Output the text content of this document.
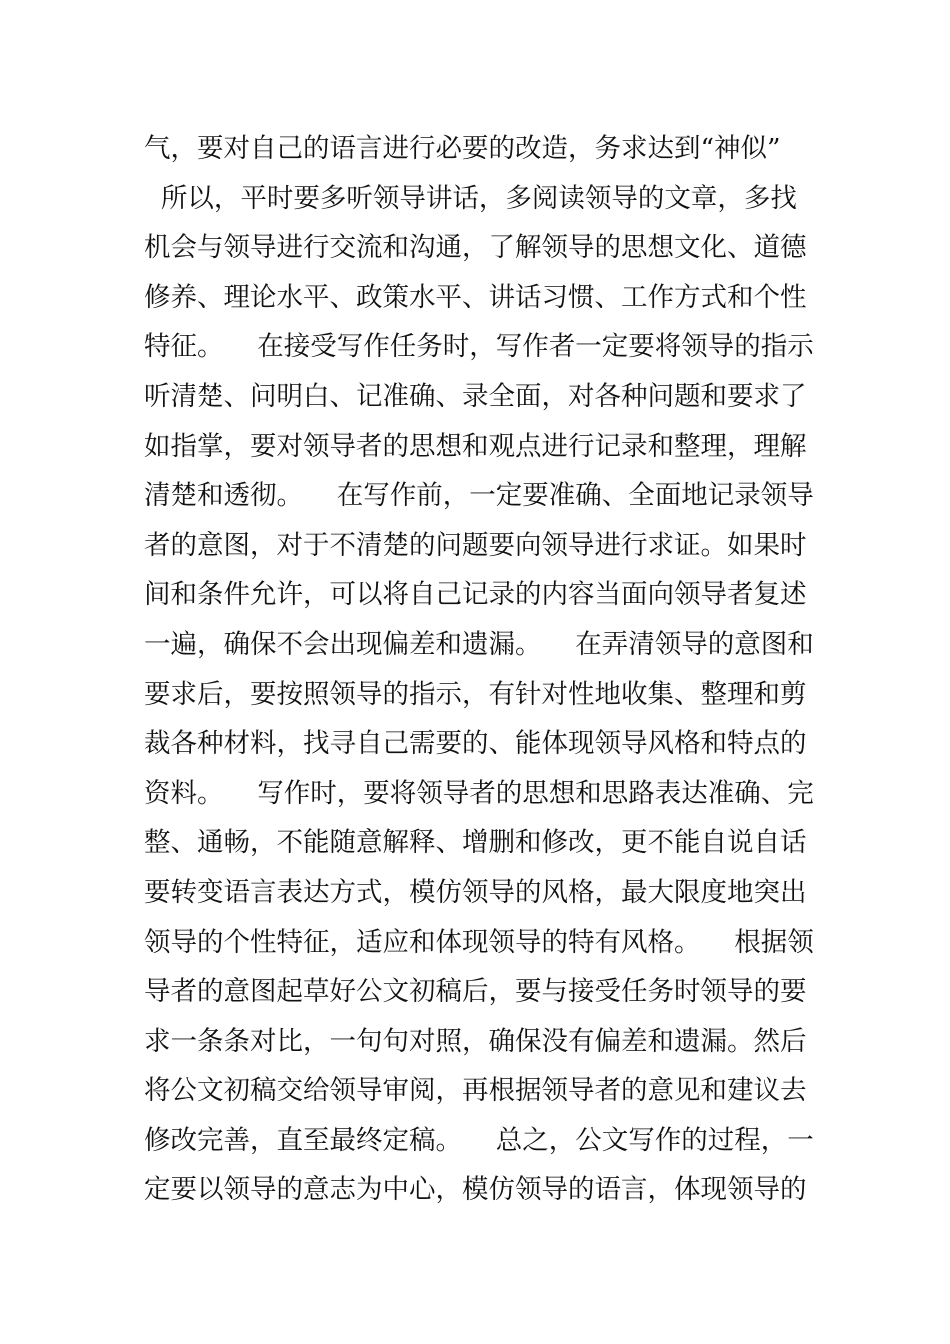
气，要对自己的语言进行必要的改造，务求达到“神似”
所以，平时要多听领导讲话，多阅读领导的文章，多找
机会与领导进行交流和沟通，了解领导的思想文化、道德
修养、理论水平、政策水平、讲话习惯、工作方式和个性
特征。    在接受写作任务时，写作者一定要将领导的指示
听清楚、问明白、记准确、录全面，对各种问题和要求了
如指掌，要对领导者的思想和观点进行记录和整理，理解
清楚和透彻。    在写作前，一定要准确、全面地记录领导
者的意图，对于不清楚的问题要向领导进行求证。如果时
间和条件允许，可以将自己记录的内容当面向领导者复述
一遍，确保不会出现偏差和遗漏。    在弄清领导的意图和
要求后，要按照领导的指示，有针对性地收集、整理和剪
裁各种材料，找寻自己需要的、能体现领导风格和特点的
资料。    写作时，要将领导者的思想和思路表达准确、完
整、通畅，不能随意解释、增删和修改，更不能自说自话
要转变语言表达方式，模仿领导的风格，最大限度地突出
领导的个性特征，适应和体现领导的特有风格。    根据领
导者的意图起草好公文初稿后，要与接受任务时领导的要
求一条条对比，一句句对照，确保没有偏差和遗漏。然后
将公文初稿交给领导审阅，再根据领导者的意见和建议去
修改完善，直至最终定稿。    总之，公文写作的过程，一
定要以领导的意志为中心，模仿领导的语言，体现领导的
